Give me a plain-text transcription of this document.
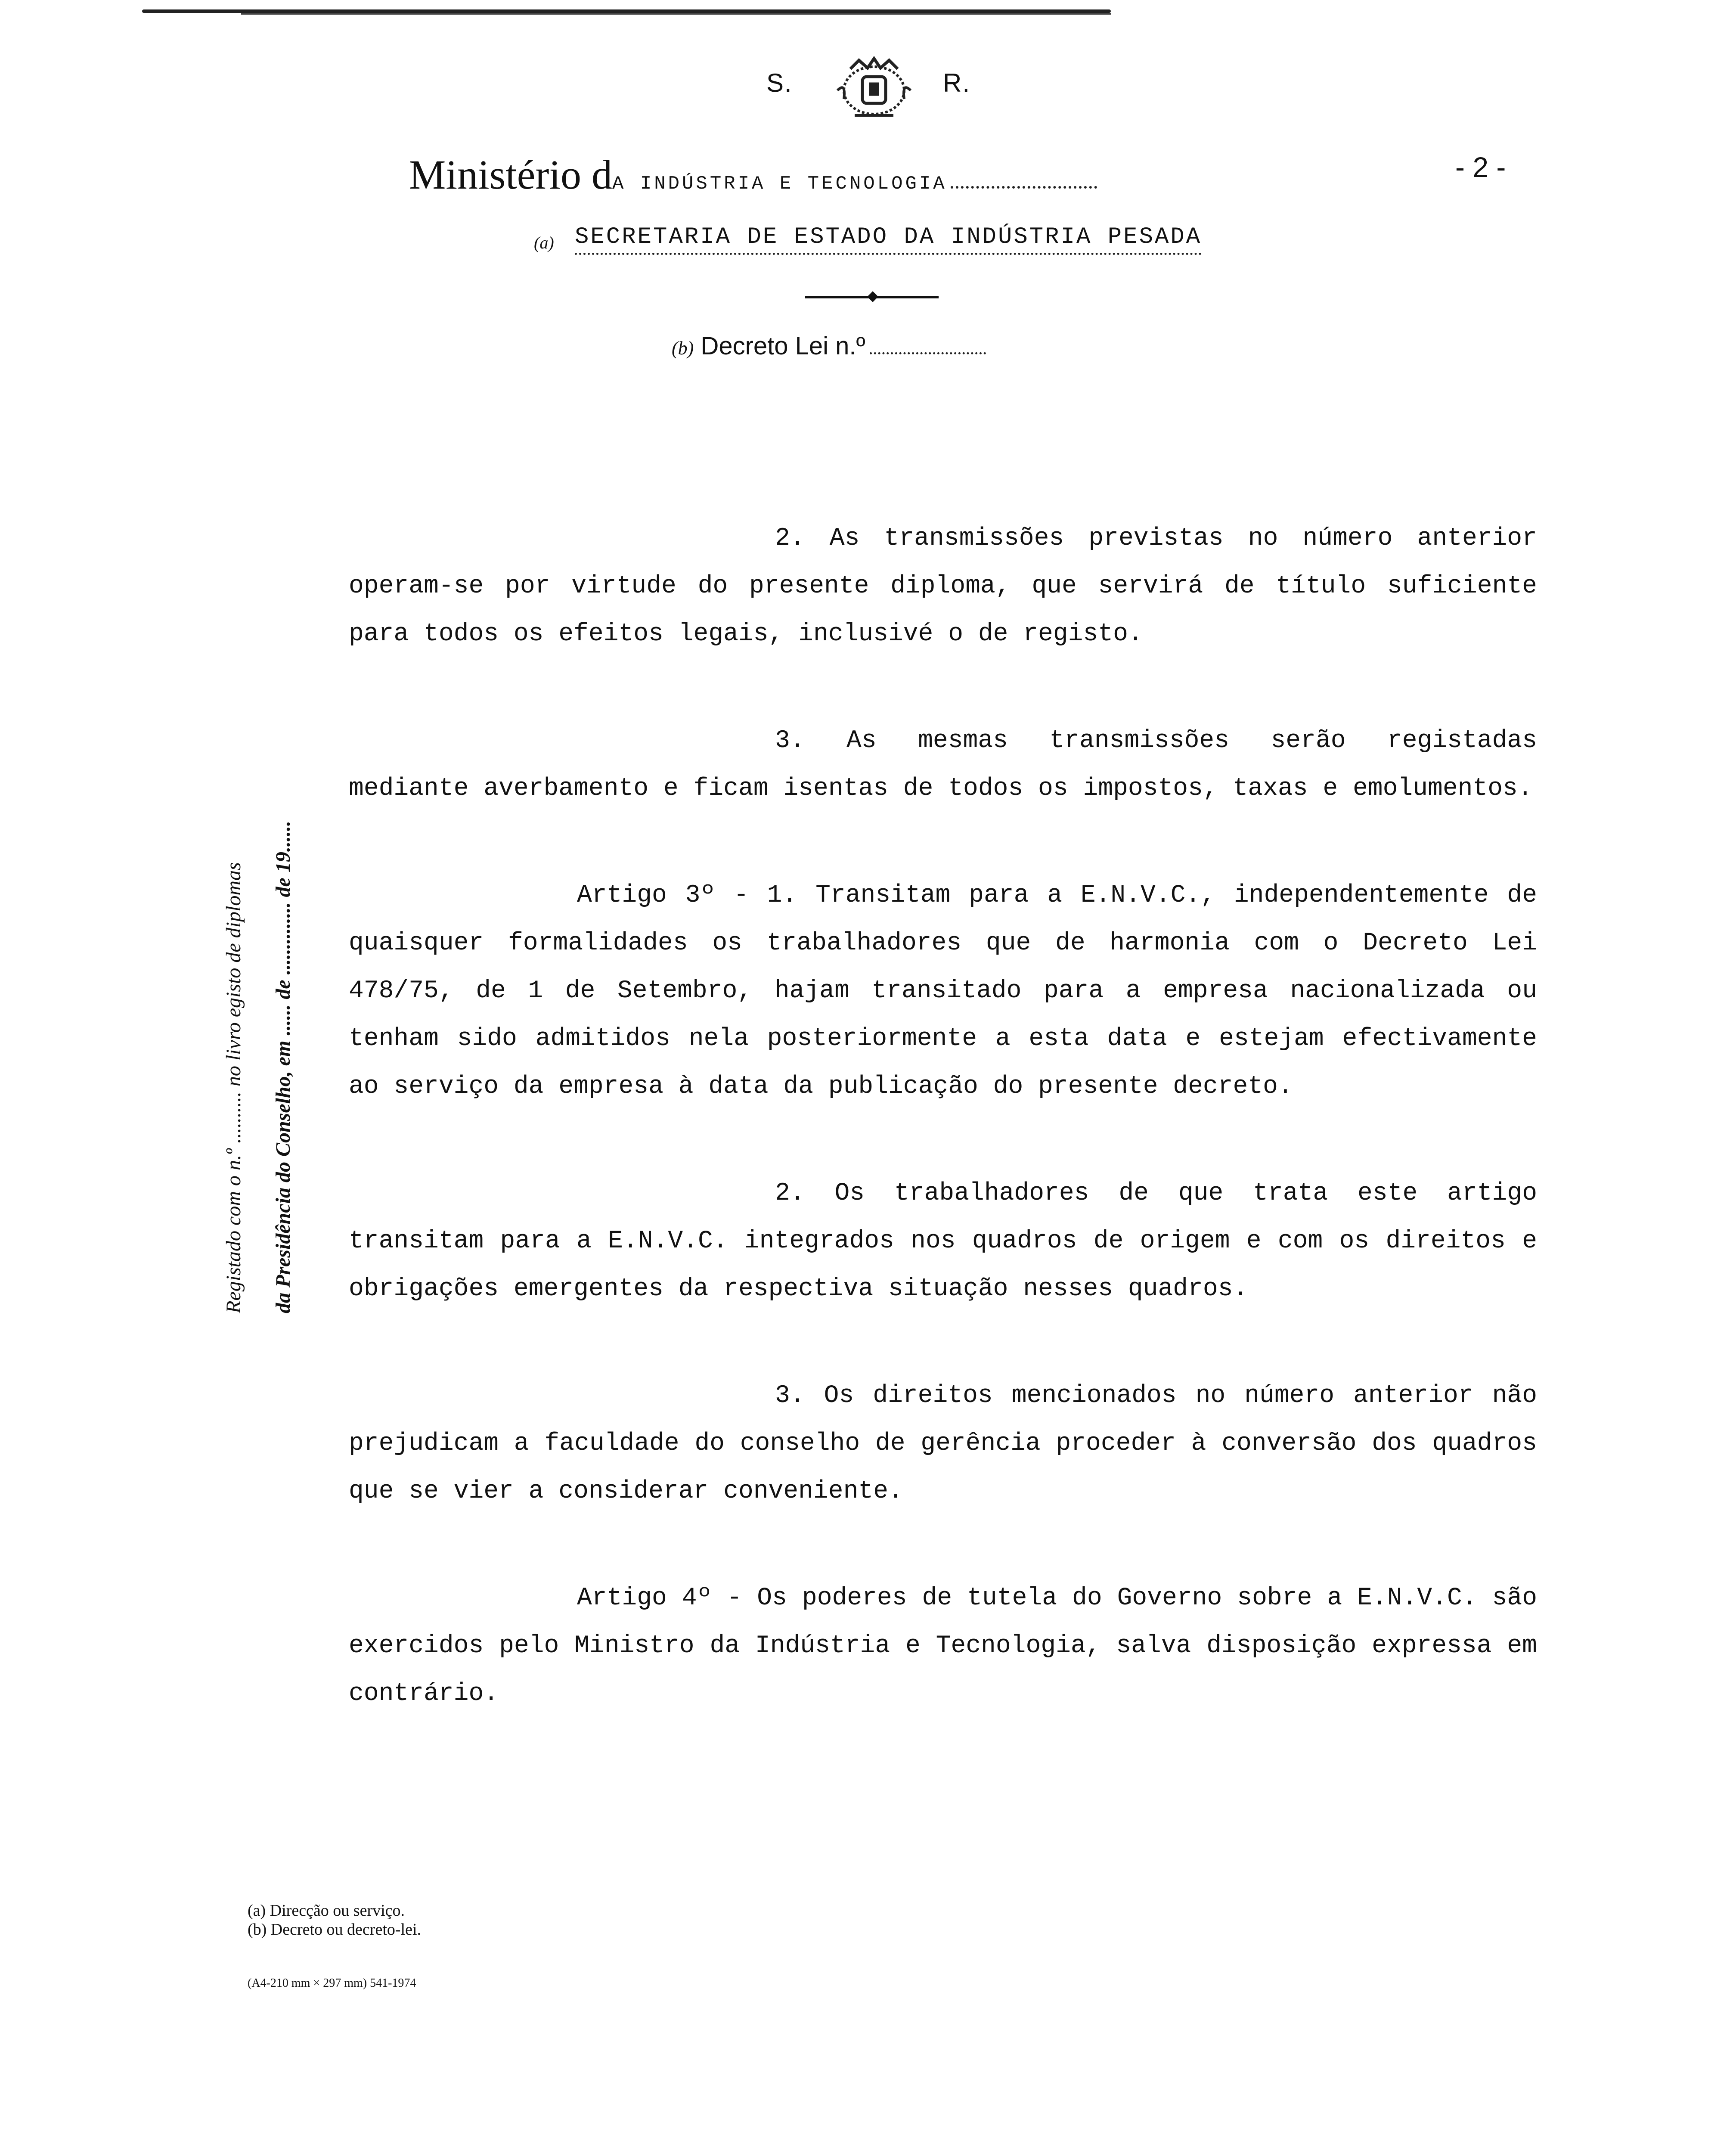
S.	R.
Ministério dA INDÚSTRIA E TECNOLOGIA
- 2 -
(a) SECRETARIA DE ESTADO DA INDÚSTRIA PESADA
(b) Decreto Lei n.º
Registado com o n.º .......... no livro egisto de diplomas da Presidência do Conselho, em ...... de .............. de 19......

2. As transmissões previstas no número anterior operam-se por virtude do presente diploma, que servirá de título suficiente para todos os efeitos legais, inclusivé o de registo.

3. As mesmas transmissões serão registadas mediante averbamento e ficam isentas de todos os impostos, taxas e emolumentos.

Artigo 3º - 1. Transitam para a E.N.V.C., independentemente de quaisquer formalidades os trabalhadores que de harmonia com o Decreto Lei 478/75, de 1 de Setembro, hajam transitado para a empresa nacionalizada ou tenham sido admitidos nela posteriormente a esta data e estejam efectivamente ao serviço da empresa à data da publicação do presente decreto.

2. Os trabalhadores de que trata este artigo transitam para a E.N.V.C. integrados nos quadros de origem e com os direitos e obrigações emergentes da respectiva situação nesses quadros.

3. Os direitos mencionados no número anterior não prejudicam a faculdade do conselho de gerência proceder à conversão dos quadros que se vier a considerar conveniente.

Artigo 4º - Os poderes de tutela do Governo sobre a E.N.V.C. são exercidos pelo Ministro da Indústria e Tecnologia, salva disposição expressa em contrário.

(a) Direcção ou serviço.
(b) Decreto ou decreto-lei.
(A4-210 mm × 297 mm) 541-1974
